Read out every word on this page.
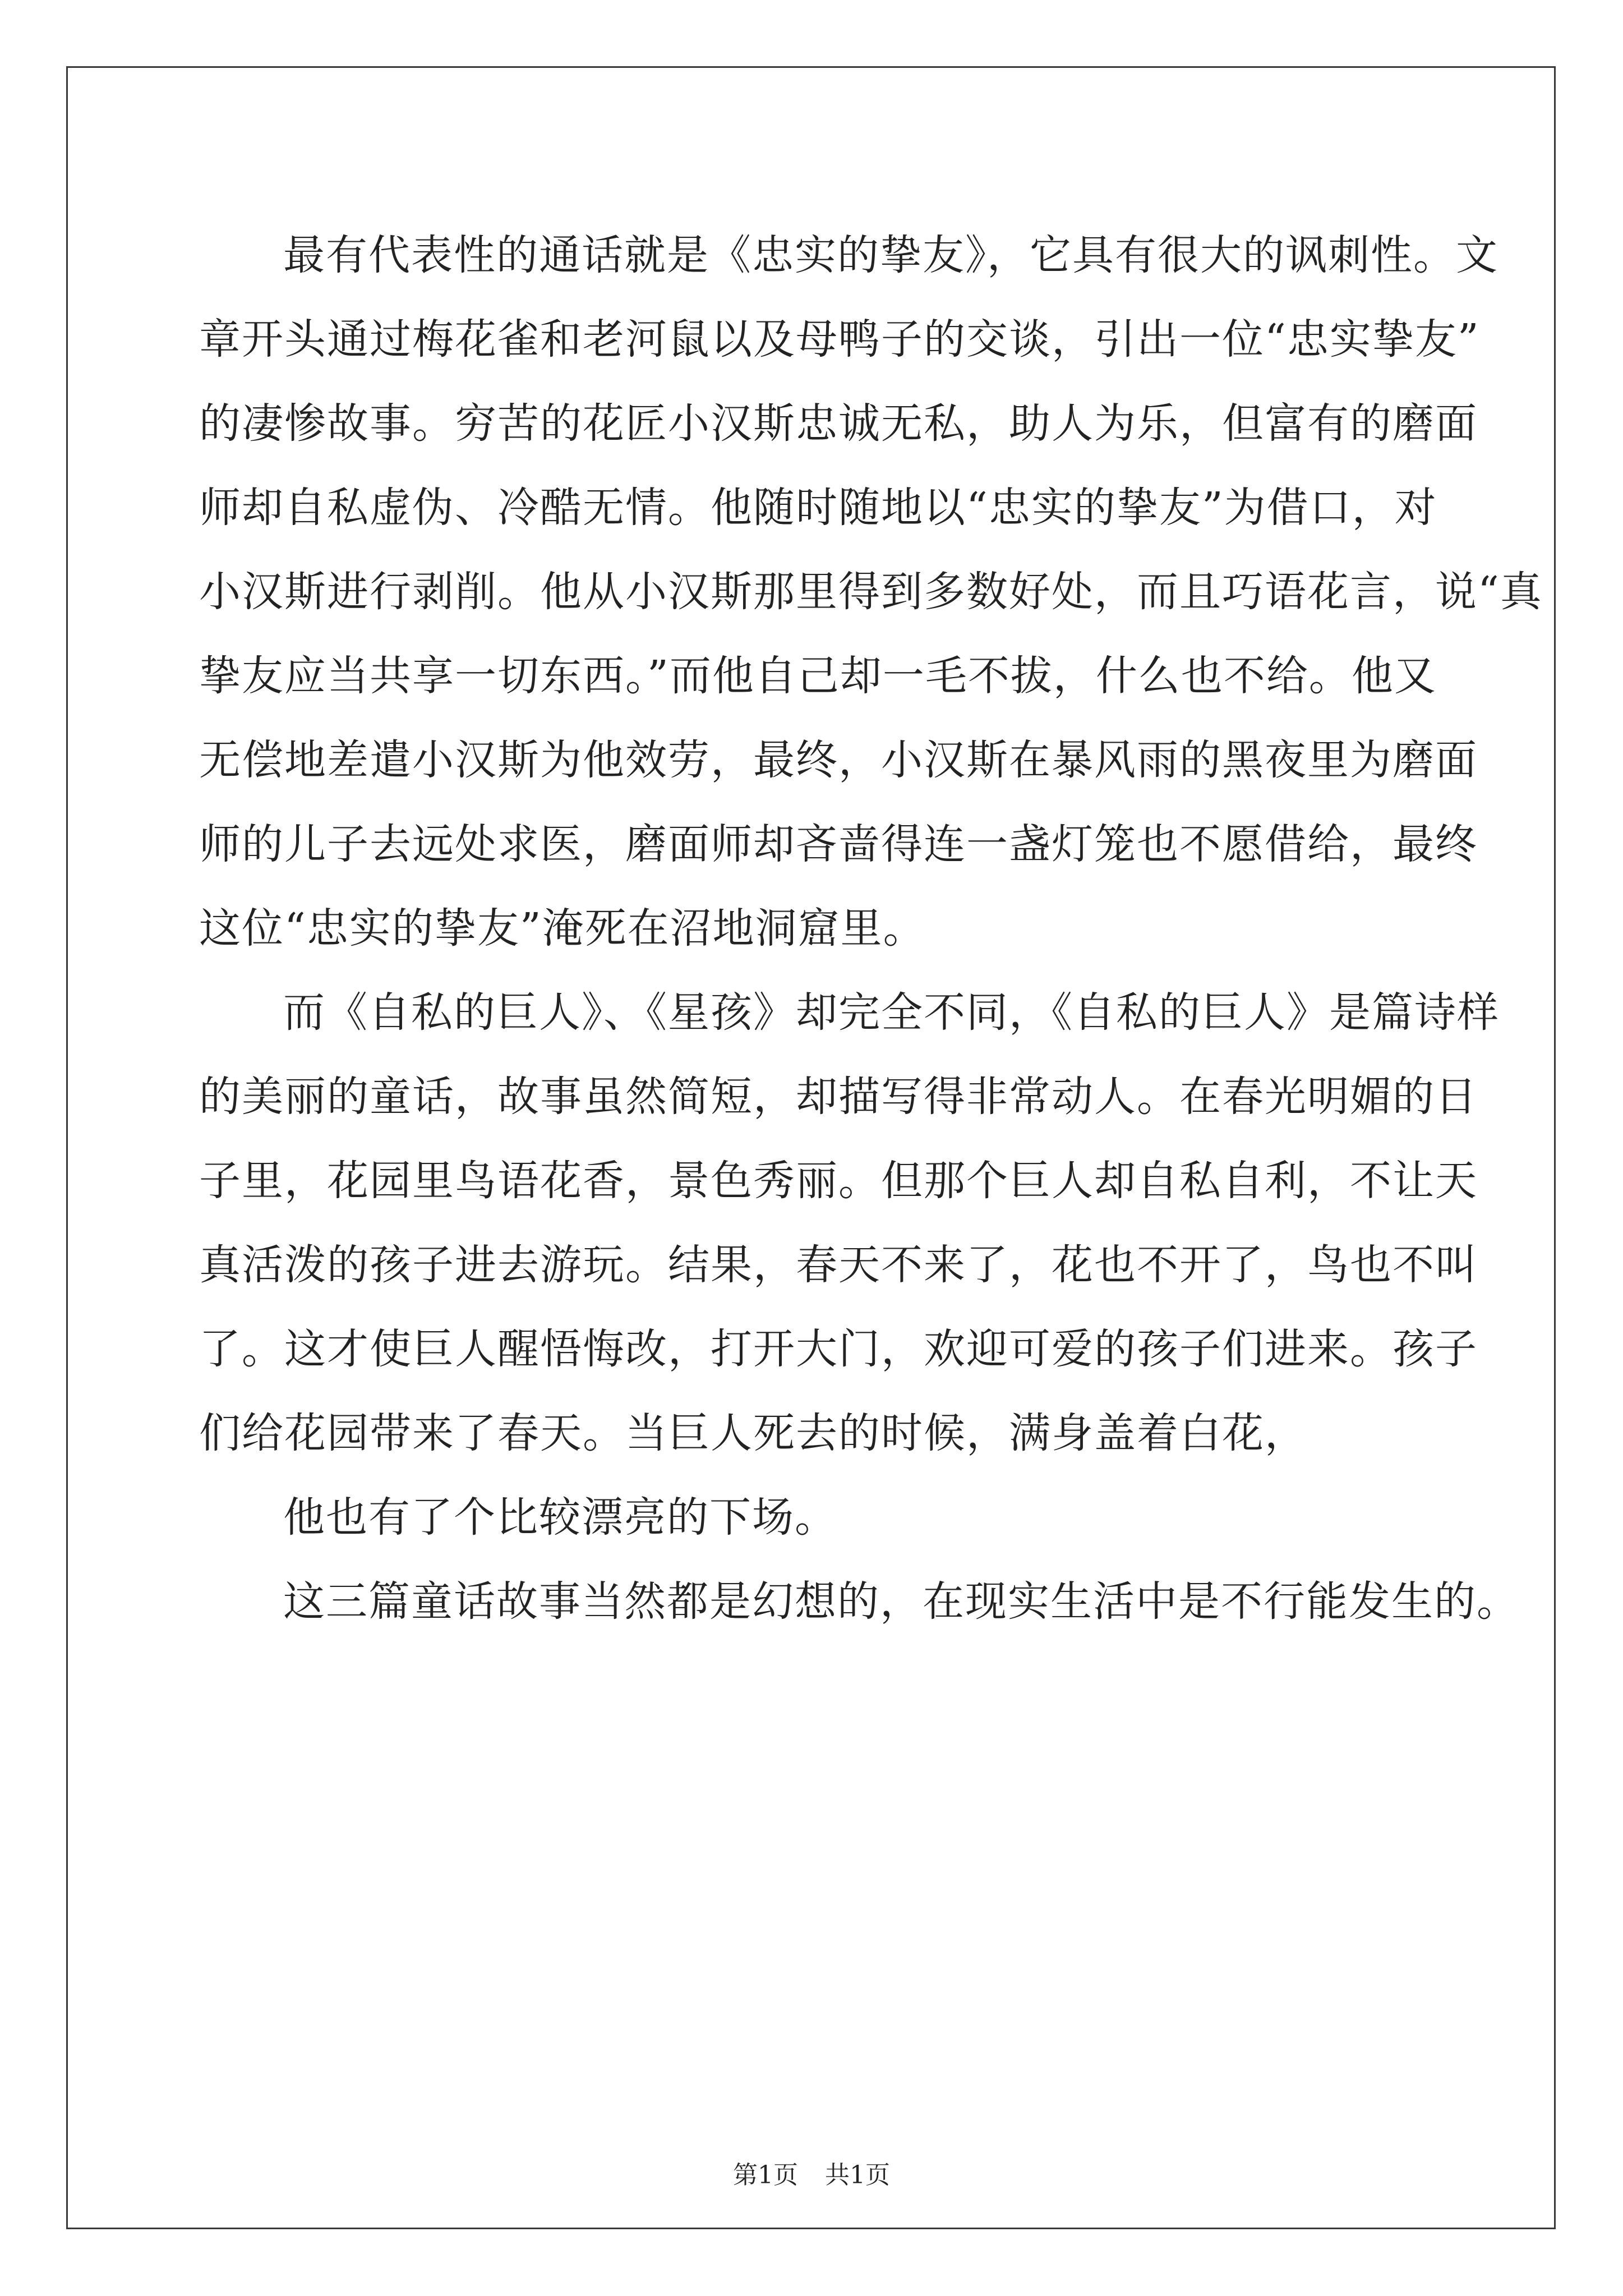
最有代表性的通话就是《忠实的挚友》，它具有很大的讽刺性。文
章开头通过梅花雀和老河鼠以及母鸭子的交谈，引出一位“忠实挚友”
的凄惨故事。穷苦的花匠小汉斯忠诚无私，助人为乐，但富有的磨面
师却自私虚伪、冷酷无情。他随时随地以“忠实的挚友”为借口，对
小汉斯进行剥削。他从小汉斯那里得到多数好处，而且巧语花言，说“真
挚友应当共享一切东西。”而他自己却一毛不拔，什么也不给。他又
无偿地差遣小汉斯为他效劳，最终，小汉斯在暴风雨的黑夜里为磨面
师的儿子去远处求医，磨面师却吝啬得连一盏灯笼也不愿借给，最终
这位“忠实的挚友”淹死在沼地洞窟里。
而《自私的巨人》、《星孩》却完全不同，《自私的巨人》是篇诗样
的美丽的童话，故事虽然简短，却描写得非常动人。在春光明媚的日
子里，花园里鸟语花香，景色秀丽。但那个巨人却自私自利，不让天
真活泼的孩子进去游玩。结果，春天不来了，花也不开了，鸟也不叫
了。这才使巨人醒悟悔改，打开大门，欢迎可爱的孩子们进来。孩子
们给花园带来了春天。当巨人死去的时候，满身盖着白花，
他也有了个比较漂亮的下场。
这三篇童话故事当然都是幻想的，在现实生活中是不行能发生的。
第1页 共1页
